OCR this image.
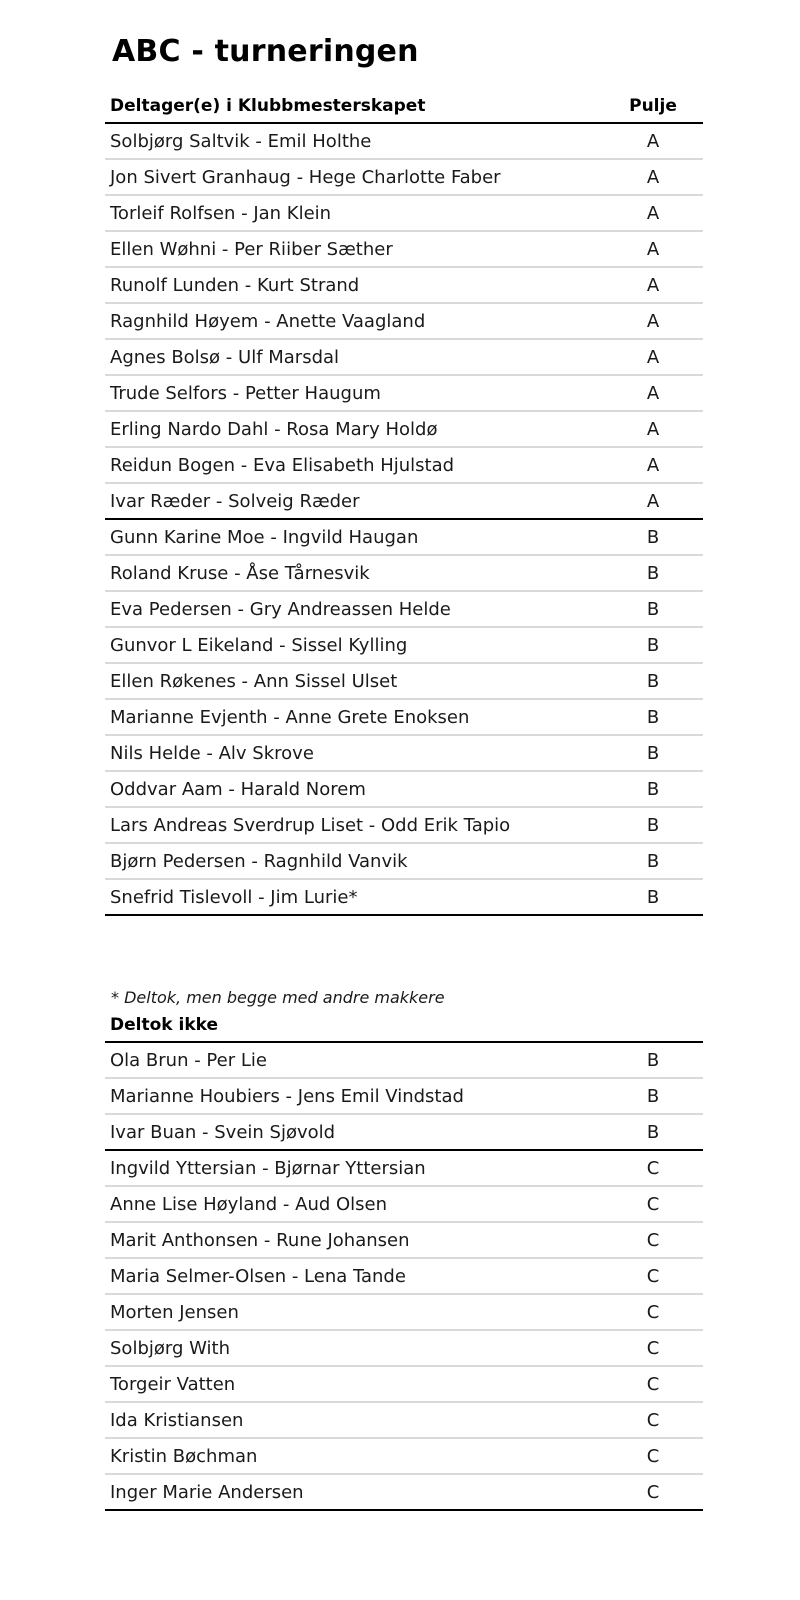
ABC - turneringen
Deltager(e) i Klubbmesterskapet	Pulje
Solbjørg Saltvik - Emil Holthe	A
Jon Sivert Granhaug - Hege Charlotte Faber	A
Torleif Rolfsen - Jan Klein	A
Ellen Wøhni - Per Riiber Sæther	A
Runolf Lunden - Kurt Strand	A
Ragnhild Høyem - Anette Vaagland	A
Agnes Bolsø - Ulf Marsdal	A
Trude Selfors - Petter Haugum	A
Erling Nardo Dahl - Rosa Mary Holdø	A
Reidun Bogen - Eva Elisabeth Hjulstad	A
Ivar Ræder - Solveig Ræder	A
Gunn Karine Moe - Ingvild Haugan	B
Roland Kruse - Åse Tårnesvik	B
Eva Pedersen - Gry Andreassen Helde	B
Gunvor L Eikeland - Sissel Kylling	B
Ellen Røkenes - Ann Sissel Ulset	B
Marianne Evjenth - Anne Grete Enoksen	B
Nils Helde - Alv Skrove	B
Oddvar Aam - Harald Norem	B
Lars Andreas Sverdrup Liset - Odd Erik Tapio	B
Bjørn Pedersen - Ragnhild Vanvik	B
Snefrid Tislevoll - Jim Lurie*	B
* Deltok, men begge med andre makkere
Deltok ikke
Ola Brun - Per Lie	B
Marianne Houbiers - Jens Emil Vindstad	B
Ivar Buan - Svein Sjøvold	B
Ingvild Yttersian - Bjørnar Yttersian	C
Anne Lise Høyland - Aud Olsen	C
Marit Anthonsen - Rune Johansen	C
Maria Selmer-Olsen - Lena Tande	C
Morten Jensen	C
Solbjørg With	C
Torgeir Vatten	C
Ida Kristiansen	C
Kristin Bøchman	C
Inger Marie Andersen	C
